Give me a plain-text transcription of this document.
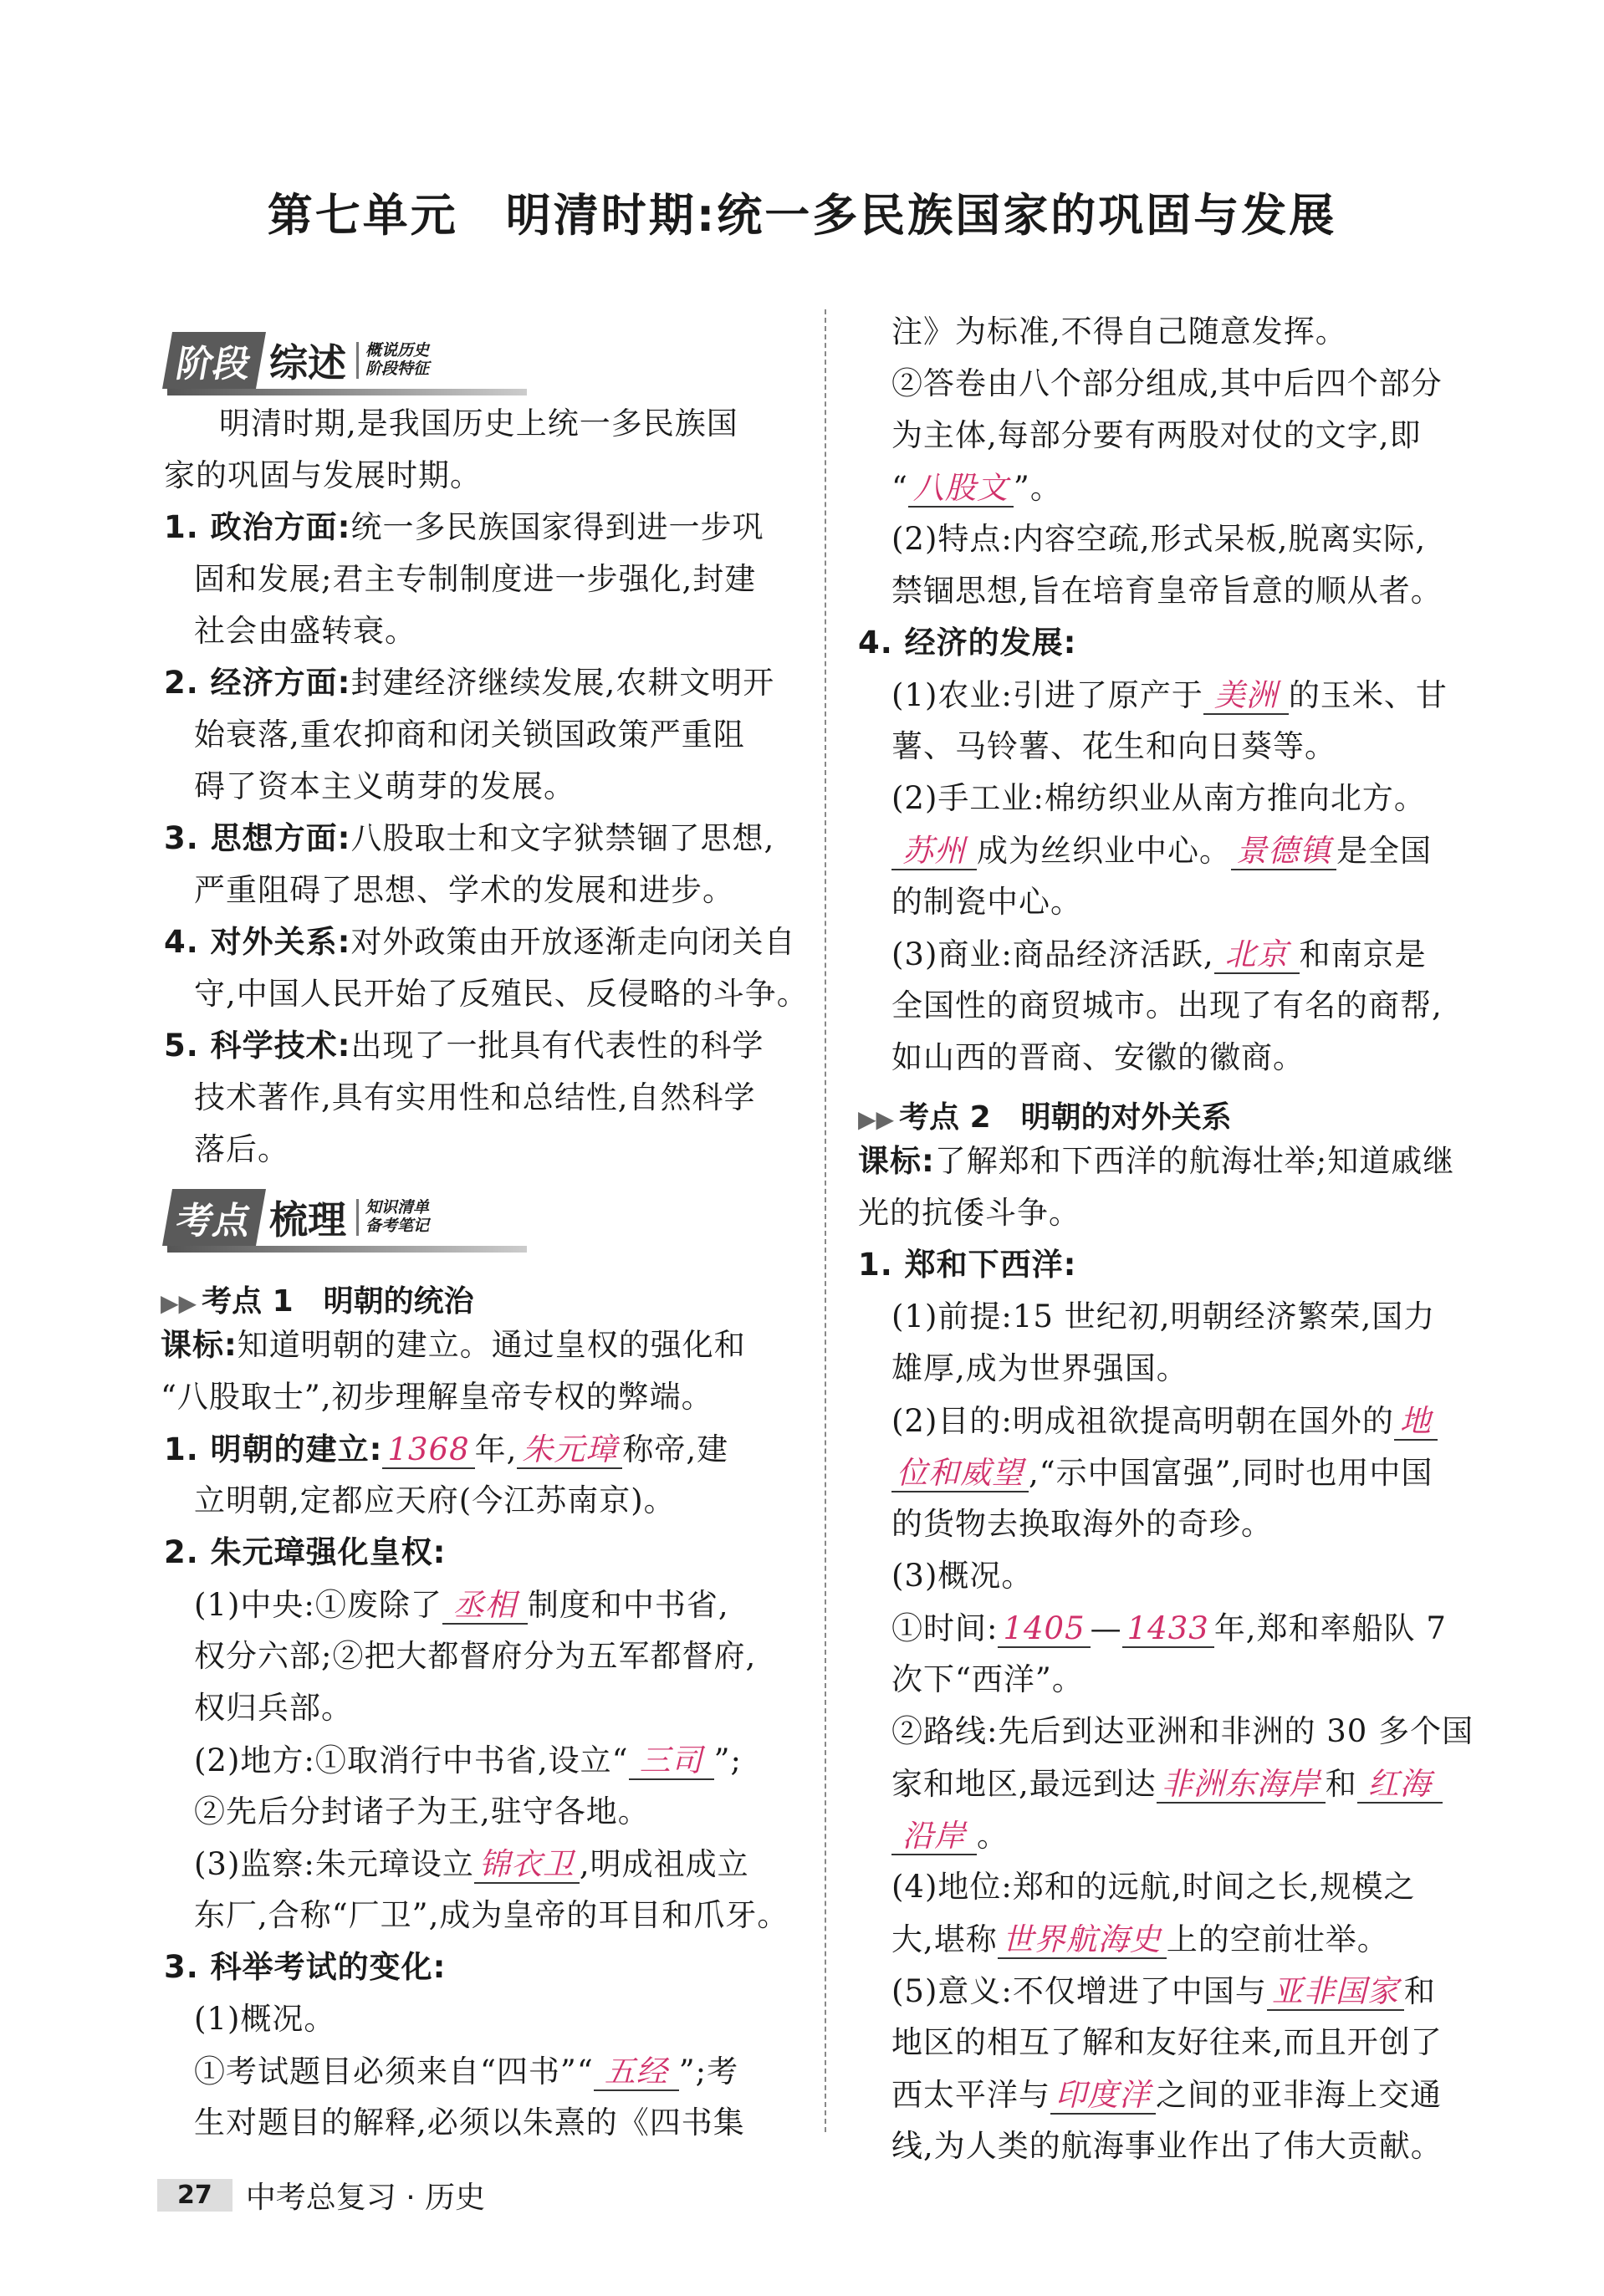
第七单元　明清时期:统一多民族国家的巩固与发展
阶段 综述	概说历史
阶段特征
明清时期,是我国历史上统一多民族国
家的巩固与发展时期。
1. 政治方面:统一多民族国家得到进一步巩
固和发展;君主专制制度进一步强化,封建
社会由盛转衰。
2. 经济方面:封建经济继续发展,农耕文明开
始衰落,重农抑商和闭关锁国政策严重阻
碍了资本主义萌芽的发展。
3. 思想方面:八股取士和文字狱禁锢了思想,
严重阻碍了思想、学术的发展和进步。
4. 对外关系:对外政策由开放逐渐走向闭关自
守,中国人民开始了反殖民、反侵略的斗争。
5. 科学技术:出现了一批具有代表性的科学
技术著作,具有实用性和总结性,自然科学
落后。
考点 梳理	知识清单
备考笔记
▶▶ 考点 1　明朝的统治
课标:知道明朝的建立。通过皇权的强化和
“八股取士”,初步理解皇帝专权的弊端。
1. 明朝的建立: 1368 年, 朱元璋 称帝,建
立明朝,定都应天府(今江苏南京)。
2. 朱元璋强化皇权:
(1)中央:①废除了 丞相 制度和中书省,
权分六部;②把大都督府分为五军都督府,
权归兵部。
(2)地方:①取消行中书省,设立“ 三司 ”;
②先后分封诸子为王,驻守各地。
(3)监察:朱元璋设立 锦衣卫 ,明成祖成立
东厂,合称“厂卫”,成为皇帝的耳目和爪牙。
3. 科举考试的变化:
(1)概况。
①考试题目必须来自“四书”“ 五经 ”;考
生对题目的解释,必须以朱熹的《四书集
注》为标准,不得自己随意发挥。
②答卷由八个部分组成,其中后四个部分
为主体,每部分要有两股对仗的文字,即
“ 八股文 ”。
(2)特点:内容空疏,形式呆板,脱离实际,
禁锢思想,旨在培育皇帝旨意的顺从者。
4. 经济的发展:
(1)农业:引进了原产于 美洲 的玉米、甘
薯、马铃薯、花生和向日葵等。
(2)手工业:棉纺织业从南方推向北方。
苏州 成为丝织业中心。 景德镇 是全国
的制瓷中心。
(3)商业:商品经济活跃, 北京 和南京是
全国性的商贸城市。出现了有名的商帮,
如山西的晋商、安徽的徽商。
▶▶ 考点 2　明朝的对外关系
课标:了解郑和下西洋的航海壮举;知道戚继
光的抗倭斗争。
1. 郑和下西洋:
(1)前提:15 世纪初,明朝经济繁荣,国力
雄厚,成为世界强国。
(2)目的:明成祖欲提高明朝在国外的 地
位和威望 ,“示中国富强”,同时也用中国
的货物去换取海外的奇珍。
(3)概况。
①时间: 1405 — 1433 年,郑和率船队 7
次下“西洋”。
②路线:先后到达亚洲和非洲的 30 多个国
家和地区,最远到达 非洲东海岸 和 红海
沿岸 。
(4)地位:郑和的远航,时间之长,规模之
大,堪称 世界航海史 上的空前壮举。
(5)意义:不仅增进了中国与 亚非国家 和
地区的相互了解和友好往来,而且开创了
西太平洋与 印度洋 之间的亚非海上交通
线,为人类的航海事业作出了伟大贡献。
27	中考总复习 · 历史
